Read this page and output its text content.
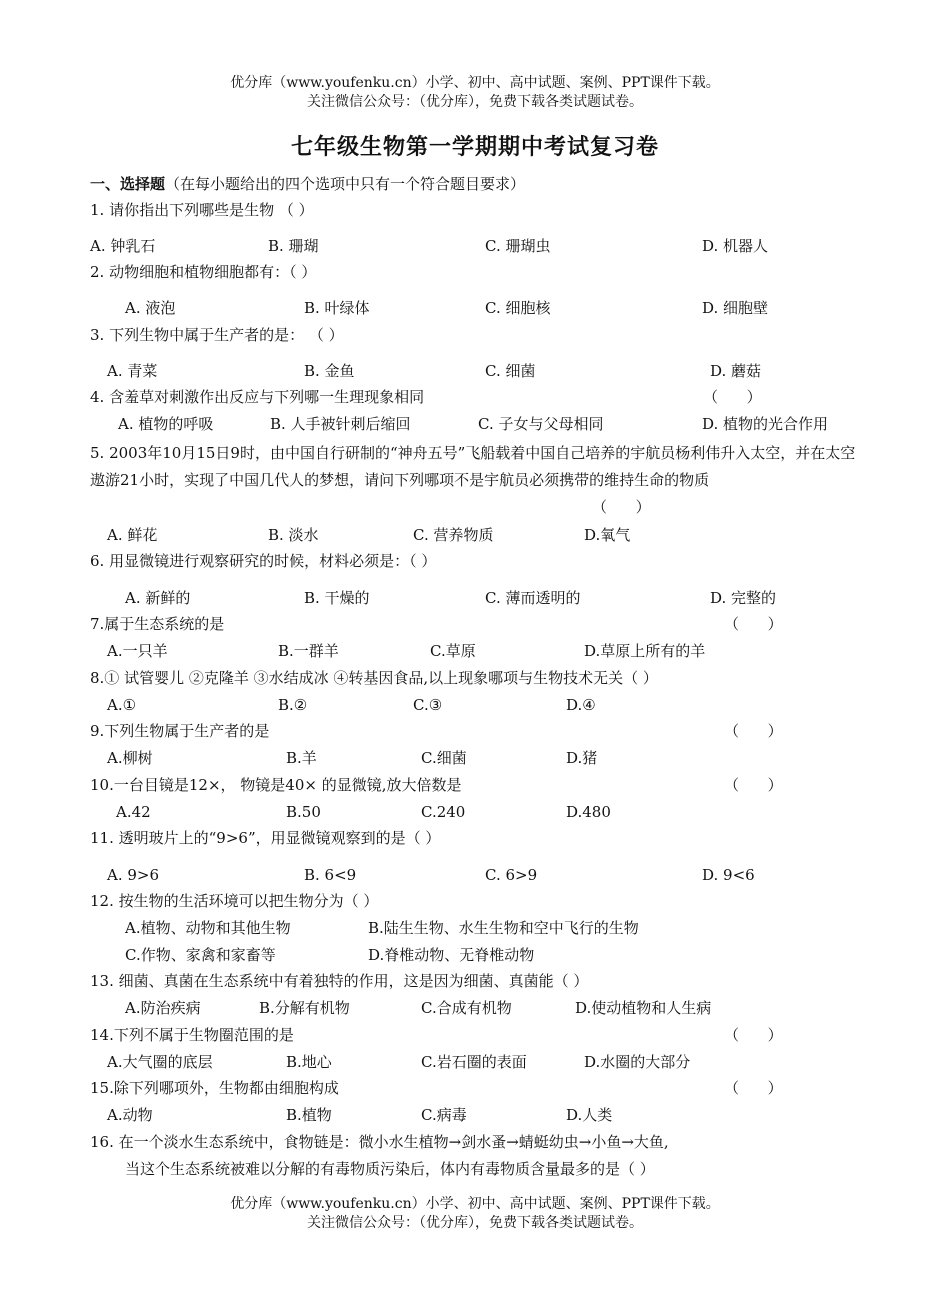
优分库（www.youfenku.cn）小学、初中、高中试题、案例、PPT课件下载。
关注微信公众号：（优分库），免费下载各类试题试卷。
七年级生物第一学期期中考试复习卷
一、选择题（在每小题给出的四个选项中只有一个符合题目要求）
1. 请你指出下列哪些是生物 （ ）
A. 钟乳石	B. 珊瑚	C. 珊瑚虫	D. 机器人
2. 动物细胞和植物细胞都有：（ ）
A. 液泡	B. 叶绿体	C. 细胞核	D. 细胞壁
3. 下列生物中属于生产者的是： （ ）
A. 青菜	B. 金鱼	C. 细菌	D. 蘑菇
4. 含羞草对刺激作出反应与下列哪一生理现象相同	（      ）
A. 植物的呼吸	B. 人手被针刺后缩回	C. 子女与父母相同	D. 植物的光合作用
5. 2003年10月15日9时，由中国自行研制的“神舟五号”飞船载着中国自己培养的宇航员杨利伟升入太空，并在太空遨游21小时，实现了中国几代人的梦想，请问下列哪项不是宇航员必须携带的维持生命的物质
（      ）
A. 鲜花	B. 淡水	C. 营养物质	D.氧气
6. 用显微镜进行观察研究的时候，材料必须是：（ ）
A. 新鲜的	B. 干燥的	C. 薄而透明的	D. 完整的
7.属于生态系统的是	（      ）
A.一只羊	B.一群羊	C.草原	D.草原上所有的羊
8.① 试管婴儿 ②克隆羊 ③水结成冰 ④转基因食品,以上现象哪项与生物技术无关（ ）
A.①	B.②	C.③	D.④
9.下列生物属于生产者的是	（      ）
A.柳树	B.羊	C.细菌	D.猪
10.一台目镜是12×， 物镜是40× 的显微镜,放大倍数是	（      ）
A.42	B.50	C.240	D.480
11. 透明玻片上的“9>6”，用显微镜观察到的是（ ）
A. 9>6	B. 6<9	C. 6>9	D. 9<6
12. 按生物的生活环境可以把生物分为（ ）
A.植物、动物和其他生物	B.陆生生物、水生生物和空中飞行的生物
C.作物、家禽和家畜等	D.脊椎动物、无脊椎动物
13. 细菌、真菌在生态系统中有着独特的作用，这是因为细菌、真菌能（ ）
A.防治疾病	B.分解有机物	C.合成有机物	D.使动植物和人生病
14.下列不属于生物圈范围的是	（      ）
A.大气圈的底层	B.地心	C.岩石圈的表面	D.水圈的大部分
15.除下列哪项外，生物都由细胞构成	（      ）
A.动物	B.植物	C.病毒	D.人类
16. 在一个淡水生态系统中，食物链是：微小水生植物→剑水蚤→蜻蜓幼虫→小鱼→大鱼,
当这个生态系统被难以分解的有毒物质污染后，体内有毒物质含量最多的是（ ）
优分库（www.youfenku.cn）小学、初中、高中试题、案例、PPT课件下载。
关注微信公众号：（优分库），免费下载各类试题试卷。
